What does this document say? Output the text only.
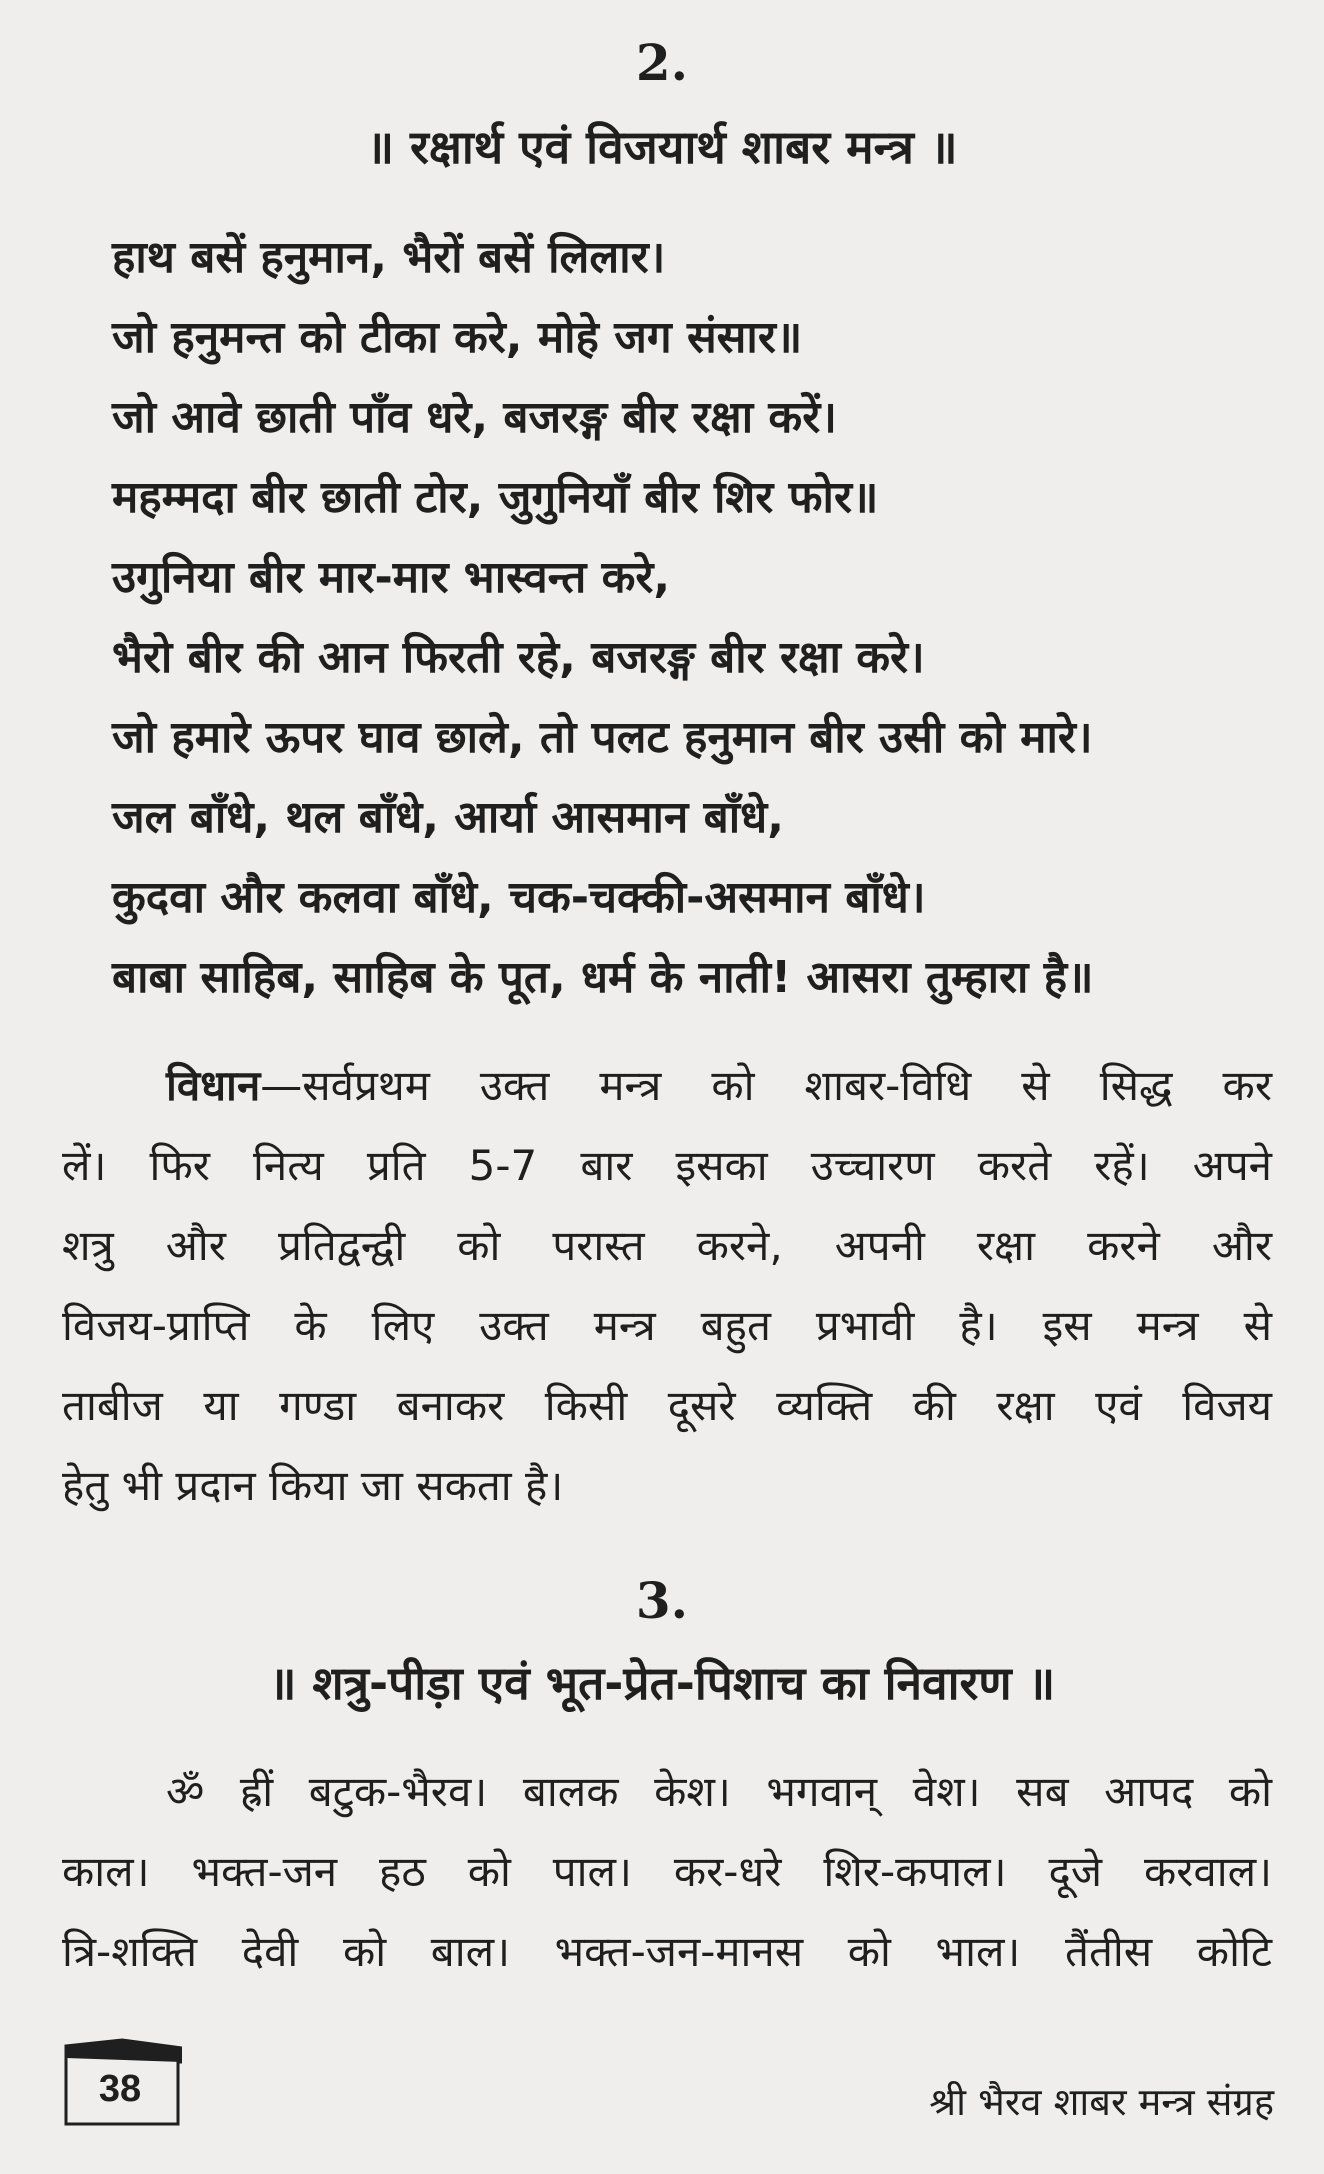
2.
॥ रक्षार्थ एवं विजयार्थ शाबर मन्त्र ॥
हाथ बसें हनुमान, भैरों बसें लिलार।
जो हनुमन्त को टीका करे, मोहे जग संसार॥
जो आवे छाती पाँव धरे, बजरङ्ग बीर रक्षा करें।
महम्मदा बीर छाती टोर, जुगुनियाँ बीर शिर फोर॥
उगुनिया बीर मार-मार भास्वन्त करे,
भैरो बीर की आन फिरती रहे, बजरङ्ग बीर रक्षा करे।
जो हमारे ऊपर घाव छाले, तो पलट हनुमान बीर उसी को मारे।
जल बाँधे, थल बाँधे, आर्या आसमान बाँधे,
कुदवा और कलवा बाँधे, चक-चक्की-असमान बाँधे।
बाबा साहिब, साहिब के पूत, धर्म के नाती! आसरा तुम्हारा है॥
विधान—सर्वप्रथम उक्त मन्त्र को शाबर-विधि से सिद्ध कर
लें। फिर नित्य प्रति 5-7 बार इसका उच्चारण करते रहें। अपने
शत्रु और प्रतिद्वन्द्वी को परास्त करने, अपनी रक्षा करने और
विजय-प्राप्ति के लिए उक्त मन्त्र बहुत प्रभावी है। इस मन्त्र से
ताबीज या गण्डा बनाकर किसी दूसरे व्यक्ति की रक्षा एवं विजय
हेतु भी प्रदान किया जा सकता है।
3.
॥ शत्रु-पीड़ा एवं भूत-प्रेत-पिशाच का निवारण ॥
ॐ ह्रीं बटुक-भैरव। बालक केश। भगवान् वेश। सब आपद को
काल। भक्त-जन हठ को पाल। कर-धरे शिर-कपाल। दूजे करवाल।
त्रि-शक्ति देवी को बाल। भक्त-जन-मानस को भाल। तैंतीस कोटि
38	श्री भैरव शाबर मन्त्र संग्रह
